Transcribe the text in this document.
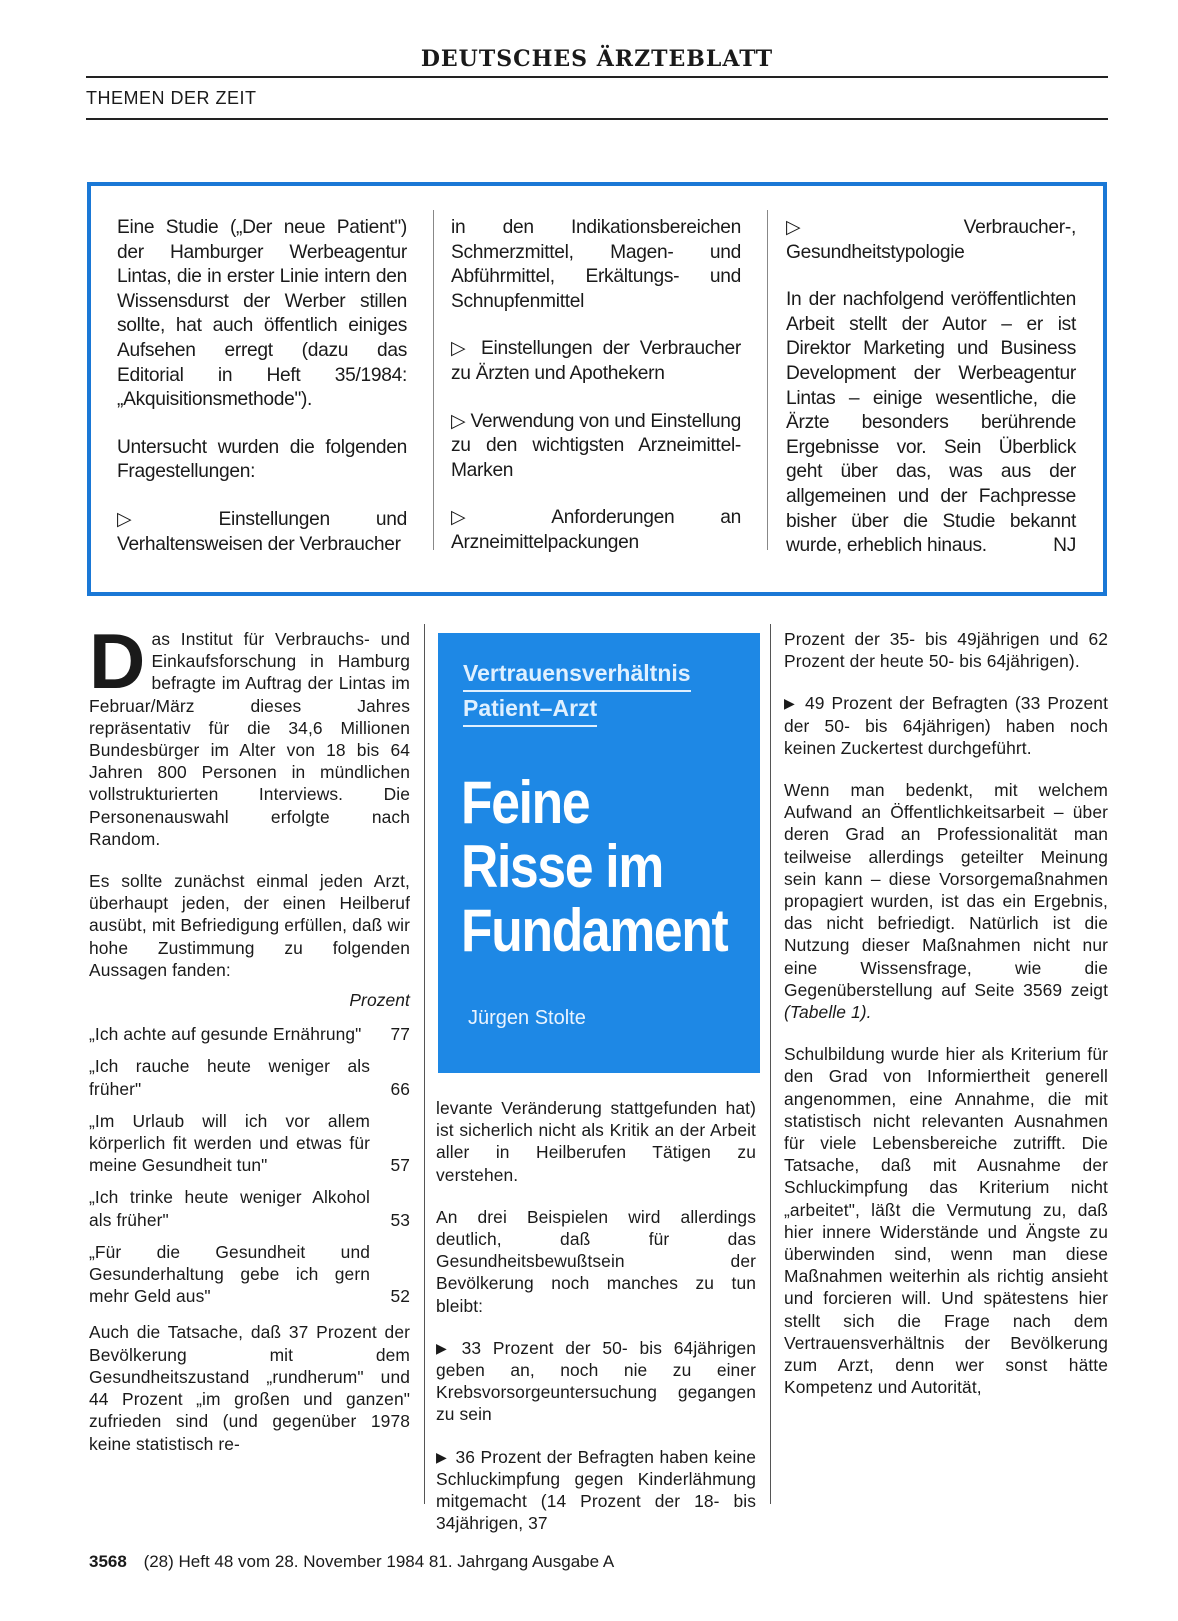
DEUTSCHES ÄRZTEBLATT
THEMEN DER ZEIT

Eine Studie („Der neue Patient") der Hamburger Werbeagentur Lintas, die in erster Linie intern den Wissensdurst der Werber stillen sollte, hat auch öffentlich einiges Aufsehen erregt (dazu das Editorial in Heft 35/1984: „Akquisitionsmethode").

Untersucht wurden die folgenden Fragestellungen:

▷ Einstellungen und Verhaltensweisen der Verbraucher

in den Indikationsbereichen Schmerzmittel, Magen- und Abführmittel, Erkältungs- und Schnupfenmittel

▷ Einstellungen der Verbraucher zu Ärzten und Apothekern

▷ Verwendung von und Einstellung zu den wichtigsten Arzneimittel-Marken

▷ Anforderungen an Arzneimittelpackungen

▷ Verbraucher-, Gesundheitstypologie

In der nachfolgend veröffentlichten Arbeit stellt der Autor – er ist Direktor Marketing und Business Development der Werbeagentur Lintas – einige wesentliche, die Ärzte besonders berührende Ergebnisse vor. Sein Überblick geht über das, was aus der allgemeinen und der Fachpresse bisher über die Studie bekannt wurde, erheblich hinaus.	NJ

Das Institut für Verbrauchs- und Einkaufsforschung in Hamburg befragte im Auftrag der Lintas im Februar/März dieses Jahres repräsentativ für die 34,6 Millionen Bundesbürger im Alter von 18 bis 64 Jahren 800 Personen in mündlichen vollstrukturierten Interviews. Die Personenauswahl erfolgte nach Random.

Es sollte zunächst einmal jeden Arzt, überhaupt jeden, der einen Heilberuf ausübt, mit Befriedigung erfüllen, daß wir hohe Zustimmung zu folgenden Aussagen fanden:

Prozent

„Ich achte auf gesunde Ernährung"	77

„Ich rauche heute weniger als früher"	66

„Im Urlaub will ich vor allem körperlich fit werden und etwas für meine Gesundheit tun"	57

„Ich trinke heute weniger Alkohol als früher"	53

„Für die Gesundheit und Gesunderhaltung gebe ich gern mehr Geld aus"	52

Auch die Tatsache, daß 37 Prozent der Bevölkerung mit dem Gesundheitszustand „rundherum" und 44 Prozent „im großen und ganzen" zufrieden sind (und gegenüber 1978 keine statistisch re-

Vertrauensverhältnis
Patient–Arzt
Feine Risse im Fundament
Jürgen Stolte

levante Veränderung stattgefunden hat) ist sicherlich nicht als Kritik an der Arbeit aller in Heilberufen Tätigen zu verstehen.

An drei Beispielen wird allerdings deutlich, daß für das Gesundheitsbewußtsein der Bevölkerung noch manches zu tun bleibt:

▶ 33 Prozent der 50- bis 64jährigen geben an, noch nie zu einer Krebsvorsorgeuntersuchung gegangen zu sein

▶ 36 Prozent der Befragten haben keine Schluckimpfung gegen Kinderlähmung mitgemacht (14 Prozent der 18- bis 34jährigen, 37

Prozent der 35- bis 49jährigen und 62 Prozent der heute 50- bis 64jährigen).

▶ 49 Prozent der Befragten (33 Prozent der 50- bis 64jährigen) haben noch keinen Zuckertest durchgeführt.

Wenn man bedenkt, mit welchem Aufwand an Öffentlichkeitsarbeit – über deren Grad an Professionalität man teilweise allerdings geteilter Meinung sein kann – diese Vorsorgemaßnahmen propagiert wurden, ist das ein Ergebnis, das nicht befriedigt. Natürlich ist die Nutzung dieser Maßnahmen nicht nur eine Wissensfrage, wie die Gegenüberstellung auf Seite 3569 zeigt (Tabelle 1).

Schulbildung wurde hier als Kriterium für den Grad von Informiertheit generell angenommen, eine Annahme, die mit statistisch nicht relevanten Ausnahmen für viele Lebensbereiche zutrifft. Die Tatsache, daß mit Ausnahme der Schluckimpfung das Kriterium nicht „arbeitet", läßt die Vermutung zu, daß hier innere Widerstände und Ängste zu überwinden sind, wenn man diese Maßnahmen weiterhin als richtig ansieht und forcieren will. Und spätestens hier stellt sich die Frage nach dem Vertrauensverhältnis der Bevölkerung zum Arzt, denn wer sonst hätte Kompetenz und Autorität,

3568 (28) Heft 48 vom 28. November 1984 81. Jahrgang Ausgabe A
